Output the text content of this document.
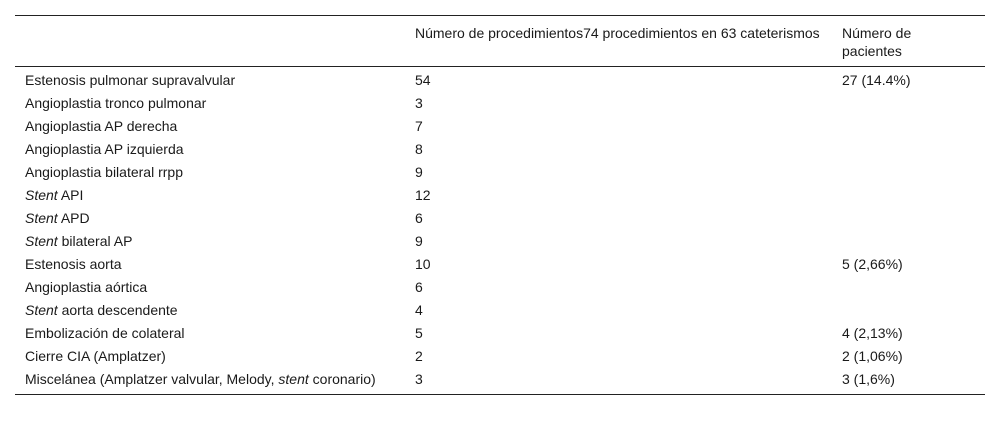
	Número de procedimientos74 procedimientos en 63 cateterismos	Número de pacientes
Estenosis pulmonar supravalvular	54	27 (14.4%)
Angioplastia tronco pulmonar	3	
Angioplastia AP derecha	7	
Angioplastia AP izquierda	8	
Angioplastia bilateral rrpp	9	
Stent API	12	
Stent APD	6	
Stent bilateral AP	9	
Estenosis aorta	10	5 (2,66%)
Angioplastia aórtica	6	
Stent aorta descendente	4	
Embolización de colateral	5	4 (2,13%)
Cierre CIA (Amplatzer)	2	2 (1,06%)
Miscelánea (Amplatzer valvular, Melody, stent coronario)	3	3 (1,6%)
